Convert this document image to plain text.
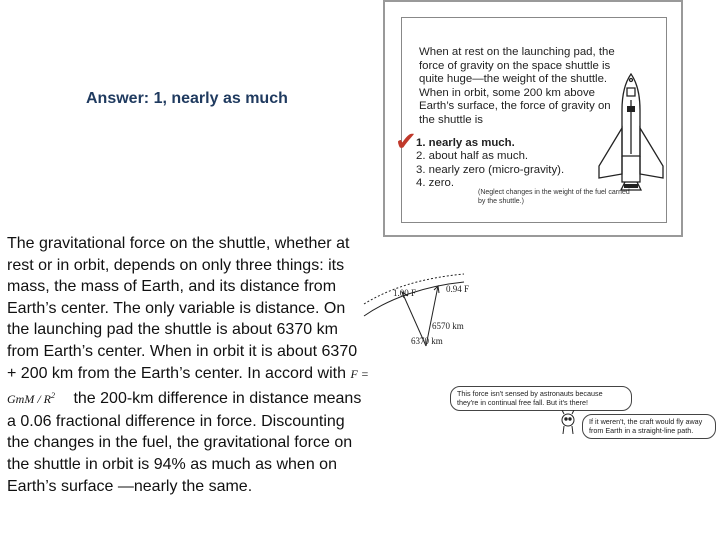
Answer: 1, nearly as much
The gravitational force on the shuttle, whether at rest or in orbit, depends on only three things: its mass, the mass of Earth, and its distance from Earth’s center. The only variable is distance. On the launching pad the shuttle is about 6370 km from Earth’s center. When in orbit it is about 6370 + 200 km from the Earth’s center. In accord with F = GmM / $R^2$ the 200-km difference in distance means a 0.06 fractional difference in force. Discounting the changes in the fuel, the gravitational force on the shuttle in orbit is 94% as much as when on Earth’s surface —nearly the same.
When at rest on the launching pad, the force of gravity on the space shuttle is quite huge—the weight of the shuttle. When in orbit, some 200 km above Earth’s surface, the force of gravity on the shuttle is
1. nearly as much.
2. about half as much.
3. nearly zero (micro-gravity).
4. zero.
✔
(Neglect changes in the weight of the fuel carried by the shuttle.)
1.00 F	0.94 F
6570 km
6370 km
This force isn't sensed by astronauts because they're in continual free fall. But it's there!
If it weren't, the craft would fly away from Earth in a straight-line path.
